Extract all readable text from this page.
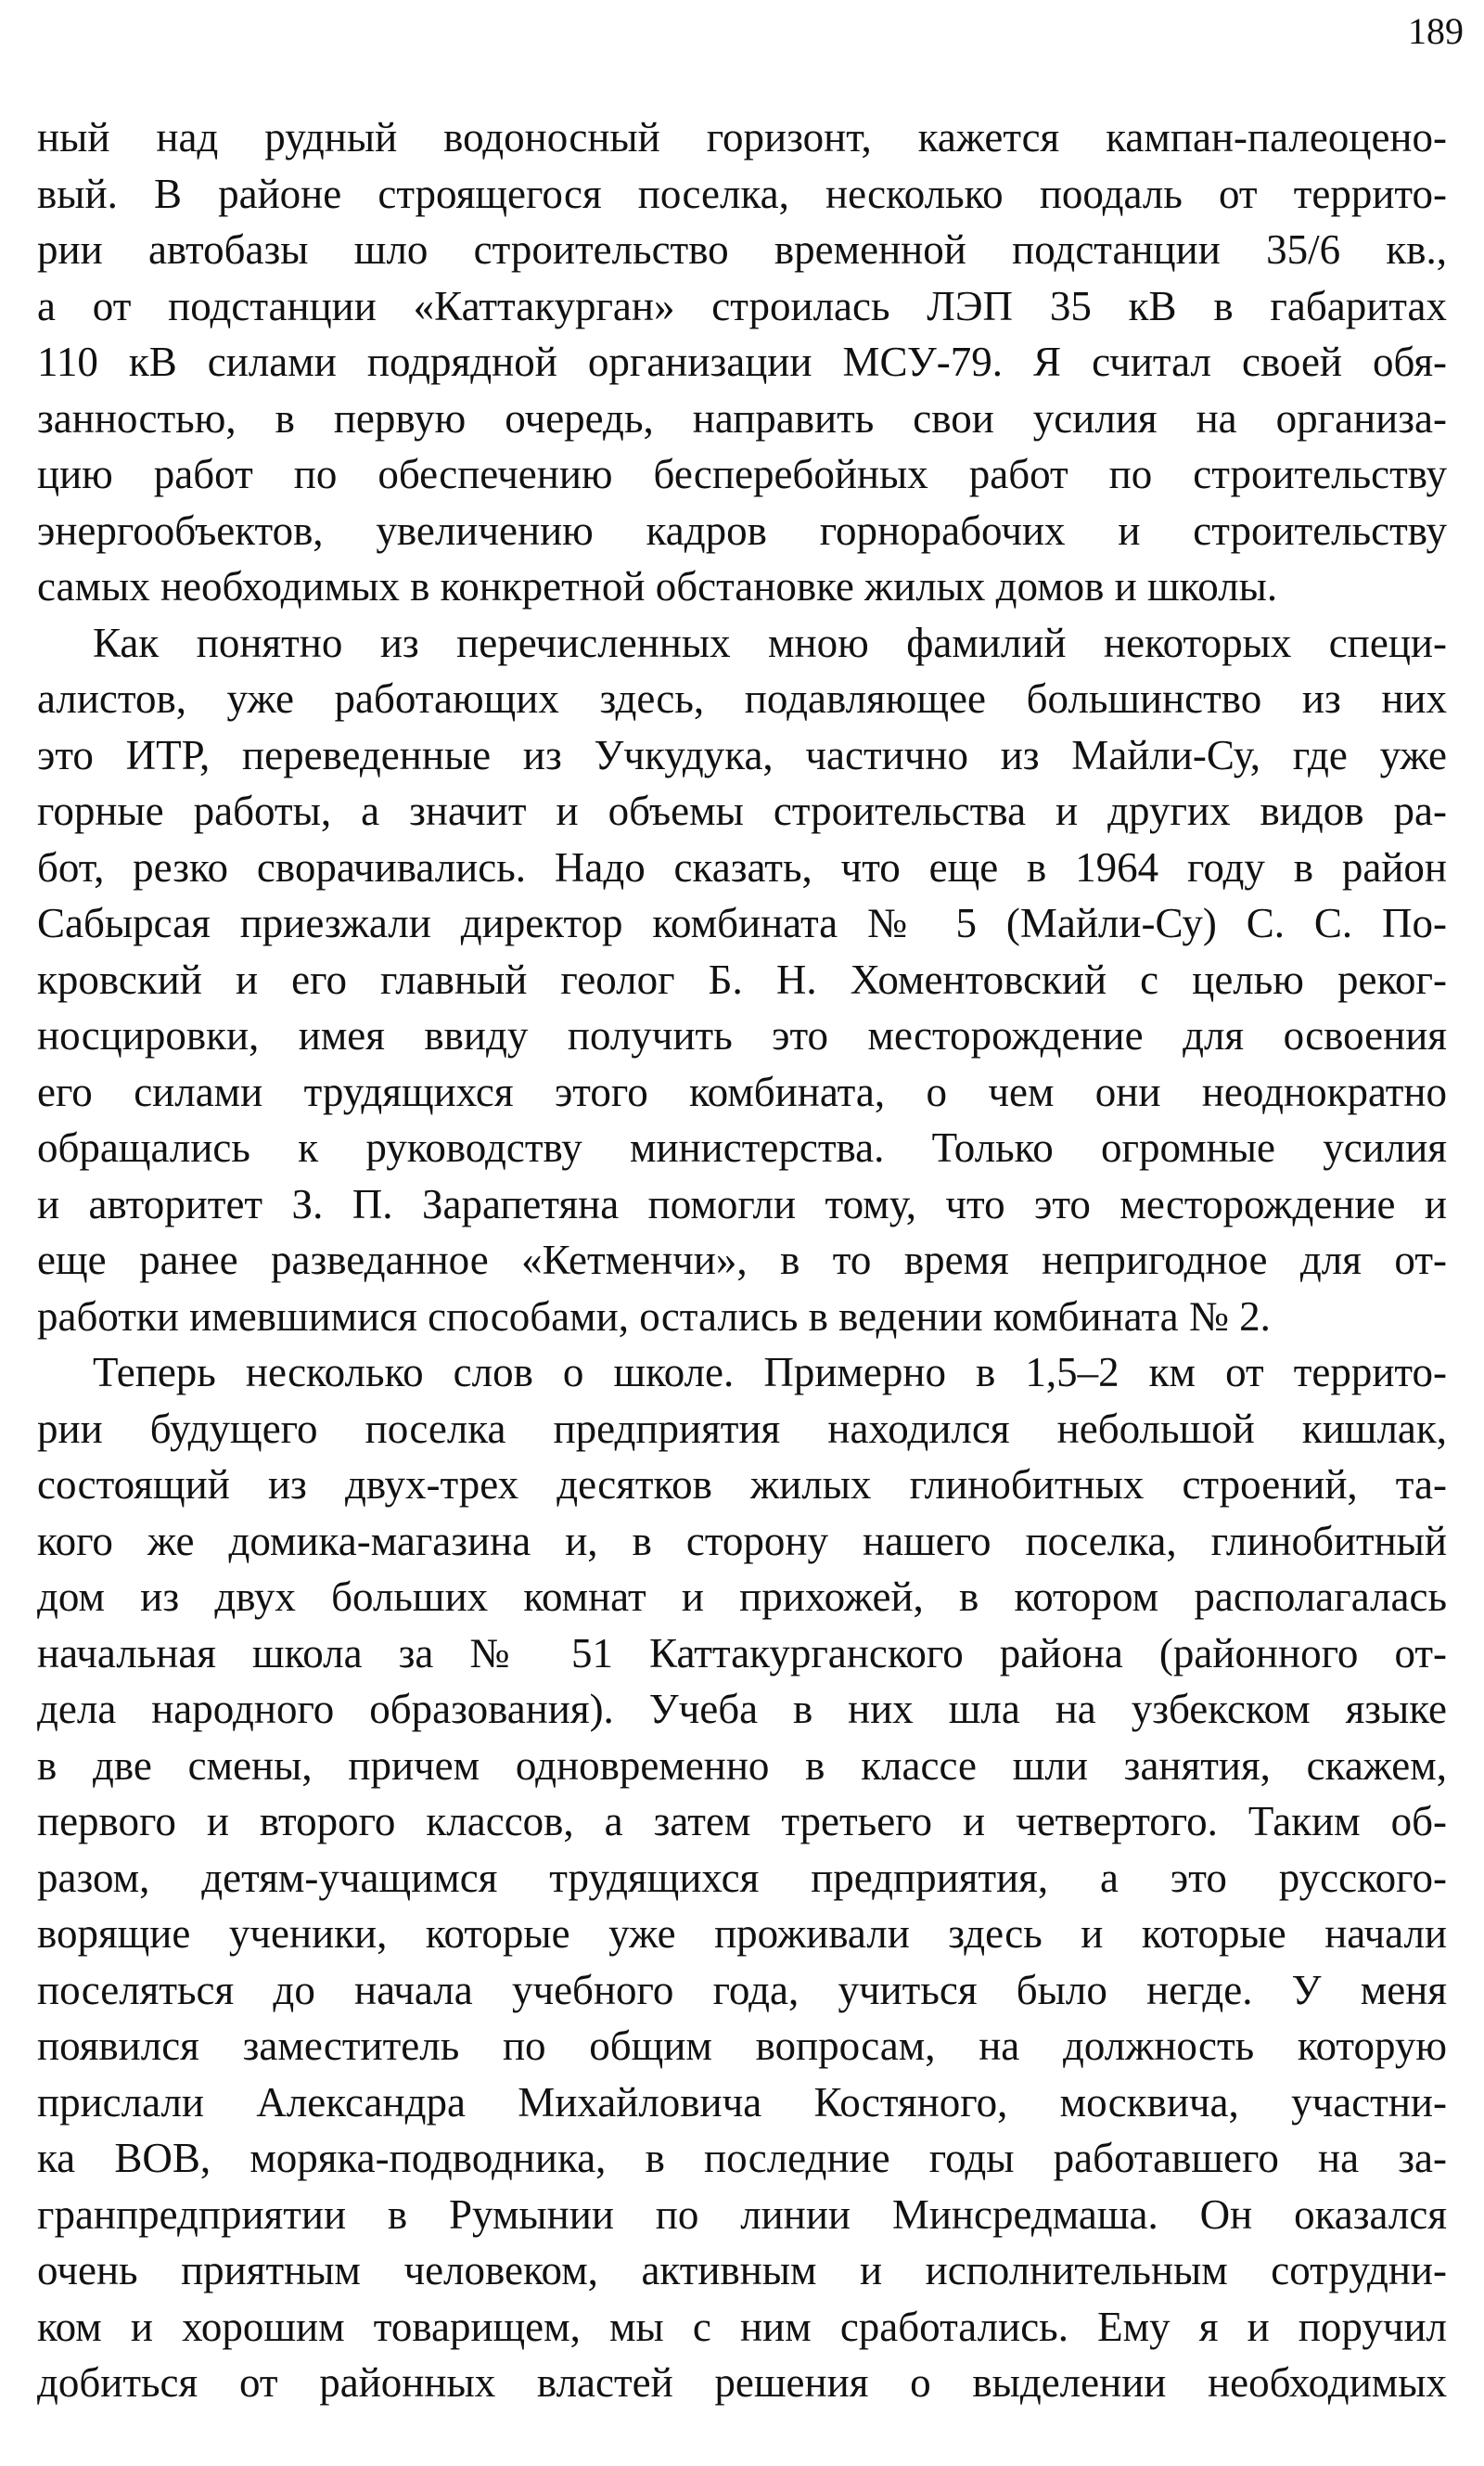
189
ный над рудный водоносный горизонт, кажется кампан-палеоцено-
вый. В районе строящегося поселка, несколько поодаль от террито-
рии автобазы шло строительство временной подстанции 35/6 кв.,
а от подстанции «Каттакурган» строилась ЛЭП 35 кВ в габаритах
110 кВ силами подрядной организации МСУ-79. Я считал своей обя-
занностью, в первую очередь, направить свои усилия на организа-
цию работ по обеспечению бесперебойных работ по строительству
энергообъектов, увеличению кадров горнорабочих и строительству
самых необходимых в конкретной обстановке жилых домов и школы.
Как понятно из перечисленных мною фамилий некоторых специ-
алистов, уже работающих здесь, подавляющее большинство из них
это ИТР, переведенные из Учкудука, частично из Майли-Су, где уже
горные работы, а значит и объемы строительства и других видов ра-
бот, резко сворачивались. Надо сказать, что еще в 1964 году в район
Сабырсая приезжали директор комбината № 5 (Майли-Су) С. С. По-
кровский и его главный геолог Б. Н. Хоментовский с целью реког-
носцировки, имея ввиду получить это месторождение для освоения
его силами трудящихся этого комбината, о чем они неоднократно
обращались к руководству министерства. Только огромные усилия
и авторитет З. П. Зарапетяна помогли тому, что это месторождение и
еще ранее разведанное «Кетменчи», в то время непригодное для от-
работки имевшимися способами, остались в ведении комбината № 2.
Теперь несколько слов о школе. Примерно в 1,5–2 км от террито-
рии будущего поселка предприятия находился небольшой кишлак,
состоящий из двух-трех десятков жилых глинобитных строений, та-
кого же домика-магазина и, в сторону нашего поселка, глинобитный
дом из двух больших комнат и прихожей, в котором располагалась
начальная школа за № 51 Каттакурганского района (районного от-
дела народного образования). Учеба в них шла на узбекском языке
в две смены, причем одновременно в классе шли занятия, скажем,
первого и второго классов, а затем третьего и четвертого. Таким об-
разом, детям-учащимся трудящихся предприятия, а это русского-
ворящие ученики, которые уже проживали здесь и которые начали
поселяться до начала учебного года, учиться было негде. У меня
появился заместитель по общим вопросам, на должность которую
прислали Александра Михайловича Костяного, москвича, участни-
ка ВОВ, моряка-подводника, в последние годы работавшего на за-
гранпредприятии в Румынии по линии Минсредмаша. Он оказался
очень приятным человеком, активным и исполнительным сотрудни-
ком и хорошим товарищем, мы с ним сработались. Ему я и поручил
добиться от районных властей решения о выделении необходимых
